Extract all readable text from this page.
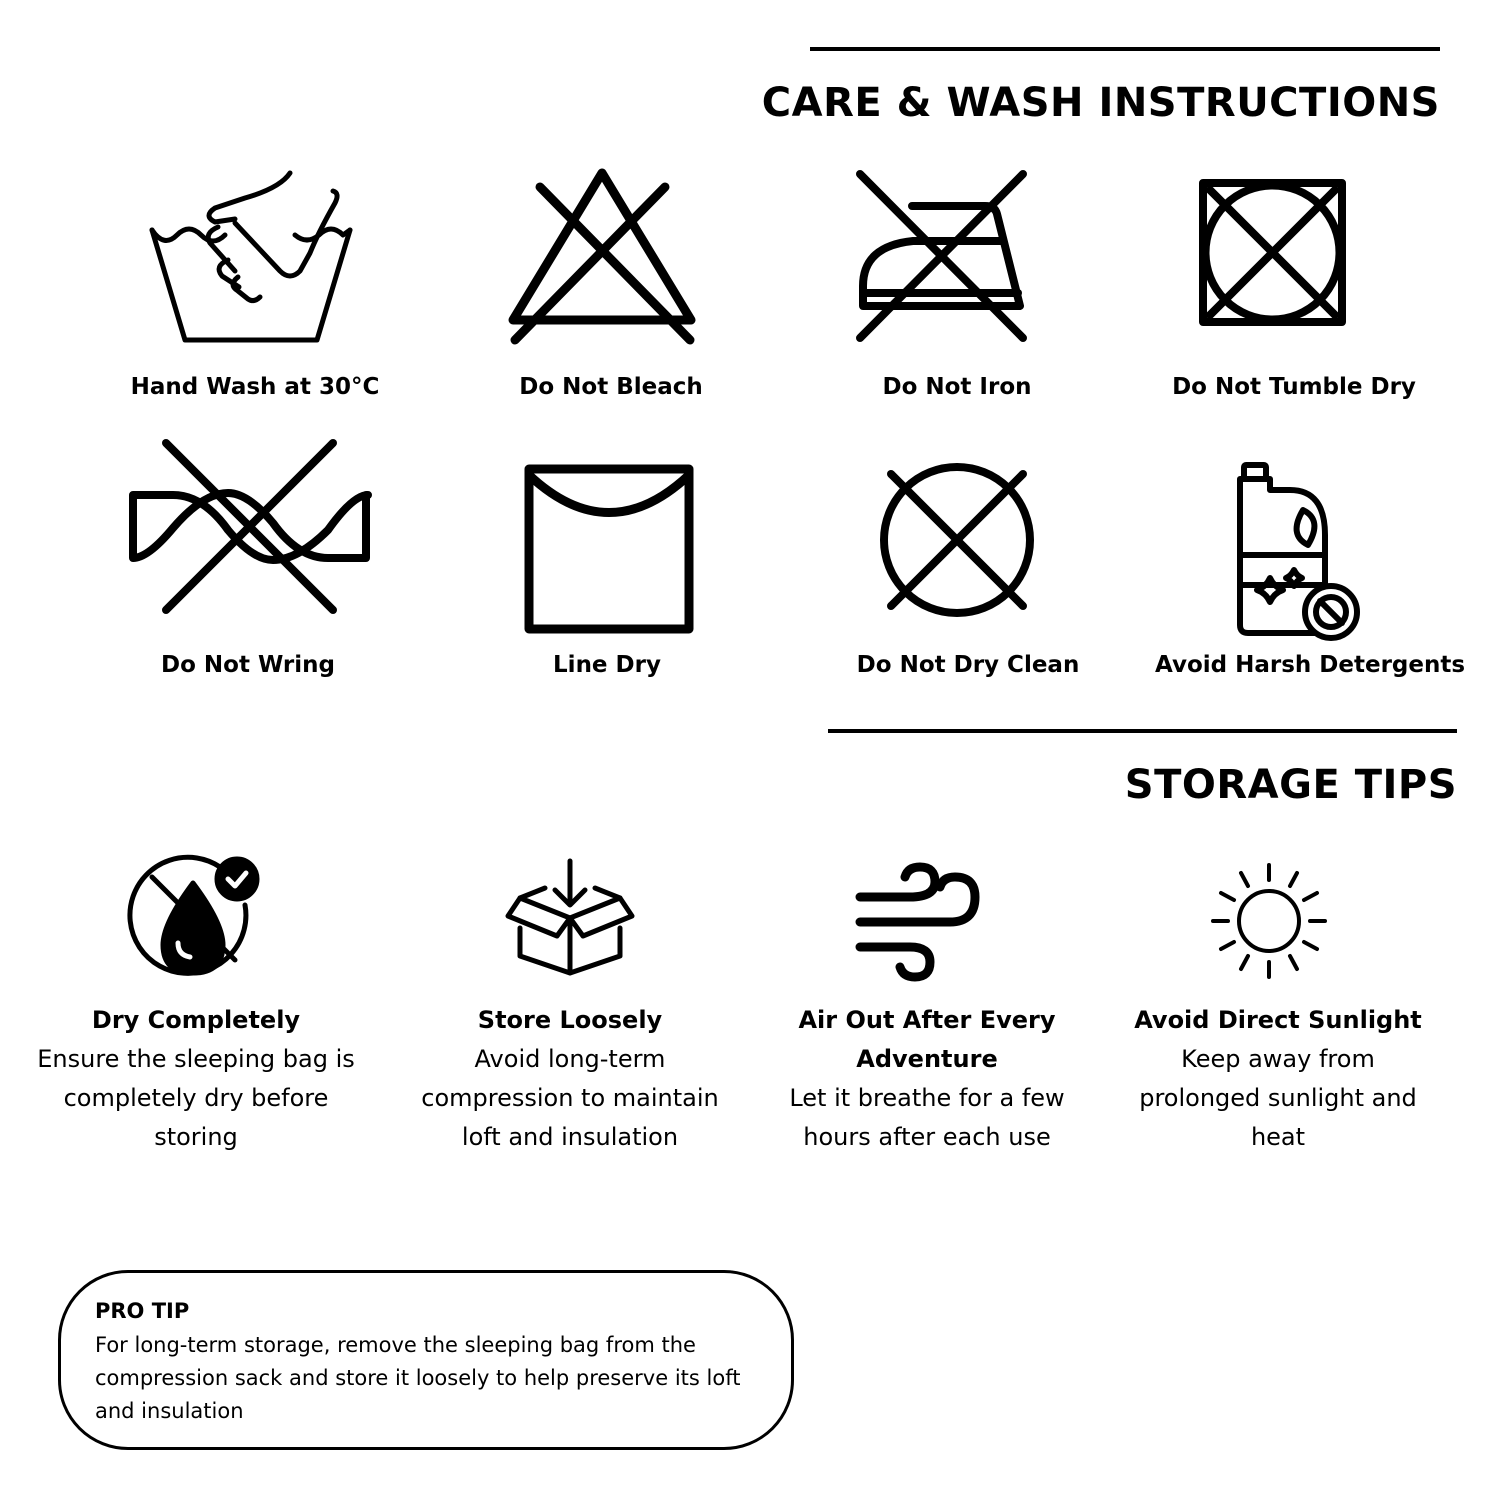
CARE & WASH INSTRUCTIONS
Hand Wash at 30°C	Do Not Bleach	Do Not Iron	Do Not Tumble Dry
Do Not Wring	Line Dry	Do Not Dry Clean	Avoid Harsh Detergents
STORAGE TIPS
Dry Completely
Ensure the sleeping bag is completely dry before storing
Store Loosely
Avoid long-term compression to maintain loft and insulation
Air Out After Every Adventure
Let it breathe for a few hours after each use
Avoid Direct Sunlight
Keep away from prolonged sunlight and heat
PRO TIP
For long-term storage, remove the sleeping bag from the compression sack and store it loosely to help preserve its loft and insulation
